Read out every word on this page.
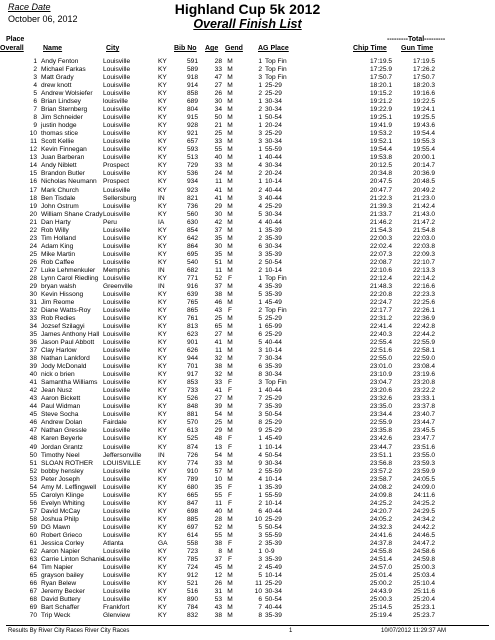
Race Date
October 06, 2012
Highland Cup 5k 2012
Overall Finish List
---------Total---------
Place
Overall	Name	City	Bib No Age Gend AG Place	Chip Time Gun Time
1 Andy Fenton	Louisville	KY	591	28 M	1 Top Fin	17:19.5	17:19.5
2 Michael Farkas	Louisville	KY	589	33 M	2 Top Fin	17:25.9	17:26.2
3 Matt Grady	Louisville	KY	918	47 M	3 Top Fin	17:50.7	17:50.7
4 drew knott	Louisville	KY	914	27 M	1 25-29	18:20.1	18:20.3
5 Andrew Wolsiefer Louisville	KY	858	26 M	2 25-29	19:15.2	19:16.6
6 Brian Lindsey	louisville	KY	689	30 M	1 30-34	19:21.2	19:22.5
7 Brian Sternberg Louisville	KY	804	34 M	2 30-34	19:22.9	19:24.1
8 Jim Schneider	Louisville	KY	915	50 M	1 50-54	19:25.1	19:25.5
9 justin hodge	Louisville	KY	928	21 M	1 20-24	19:41.9	19:43.6
10 thomas stice	Louisville	KY	921	25 M	3 25-29	19:53.2	19:54.4
11 Scott Kellie	Louisville	KY	657	33 M	3 30-34	19:52.1	19:55.3
12 Kevin Finnegan Louisville	KY	593	55 M	1 55-59	19:54.4	19:55.4
13 Juan Barberan	Louisville	KY	513	40 M	1 40-44	19:53.8	20:00.1
14 Andy Niblett	Prospect	KY	729	33 M	4 30-34	20:12.5	20:14.7
15 Brandon Butler	Louisville	KY	536	24 M	2 20-24	20:34.8	20:36.9
16 Nicholas Neumann Prospect	KY	934	11 M	1 10-14	20:47.5	20:48.5
17 Mark Church	Louisville	KY	923	41 M	2 40-44	20:47.7	20:49.2
18 Ben Tisdale	Sellersburg	IN	821	41 M	3 40-44	21:22.3	21:23.0
19 John Ostrum	Louisville	KY	736	29 M	4 25-29	21:39.3	21:42.4
20 William Shane Crady Louisville	KY	560	30 M	5 30-34	21:33.7	21:43.0
21 Dan Harty	Peru	IA	630	42 M	4 40-44	21:46.2	21:47.2
22 Rob Willy	Louisville	KY	854	37 M	1 35-39	21:54.3	21:54.8
23 Tim Holland	Louisville	KY	642	35 M	2 35-39	22:00.3	22:03.0
24 Adam King	Louisville	KY	864	30 M	6 30-34	22:02.4	22:03.8
25 Mike Martin	Louisville	KY	695	35 M	3 35-39	22:07.3	22:09.3
26 Rob Caffee	Louisville	KY	540	51 M	2 50-54	22:08.7	22:10.7
27 Luke Lehmenkuler Memphis	IN	682	11 M	2 10-14	22:10.6	22:13.3
28 Lynn Carol Riedling Louisville	KY	771	52 F	1 Top Fin	22:12.4	22:14.2
29 bryan walsh	Greenville	IN	916	37 M	4 35-39	21:48.3	22:16.6
30 Kevin Hissong	Louisville	KY	639	38 M	5 35-39	22:20.8	22:23.3
31 Jim Reome	Louisville	KY	765	46 M	1 45-49	22:24.7	22:25.6
32 Diane Watts-Roy Louisville	KY	865	43 F	2 Top Fin	22:17.7	22:26.1
33 Rob Redies	Louisville	KY	761	25 M	5 25-29	22:31.2	22:36.9
34 Jozsef Szilagyi	Louisville	KY	813	65 M	1 65-99	22:41.4	22:42.8
35 James Anthony Hall Louisville	KY	623	27 M	6 25-29	22:40.3	22:44.2
36 Jason Paul Abbott Louisville	KY	901	41 M	5 40-44	22:55.4	22:55.9
37 Clay Harlow	Louisville	KY	626	11 M	3 10-14	22:51.6	22:58.1
38 Nathan Lankford Louisville	KY	944	32 M	7 30-34	22:55.0	22:59.0
39 Jody McDonald	Louisville	KY	701	38 M	6 35-39	23:01.0	23:08.4
40 nick o brien	Louisville	KY	917	32 M	8 30-34	23:10.9	23:19.6
41 Samantha Williams Louisville	KY	853	33 F	3 Top Fin	23:04.7	23:20.8
42 Jean Nusz	Louisville	KY	733	41 F	1 40-44	23:20.6	23:22.2
43 Aaron Bickett	Louisville	KY	526	27 M	7 25-29	23:32.6	23:33.1
44 Paul Widman	Louisville	KY	848	39 M	7 35-39	23:35.0	23:37.8
45 Steve Socha	Louisville	KY	881	54 M	3 50-54	23:34.4	23:40.7
46 Andrew Dolan	Fairdale	KY	570	25 M	8 25-29	22:55.9	23:44.7
47 Nathan Gressle Louisville	KY	613	29 M	9 25-29	23:35.8	23:45.5
48 Karen Beyerle	Louisville	KY	525	48 F	1 45-49	23:42.6	23:47.7
49 Jordan Grantz	Louisville	KY	874	13 F	1 10-14	23:44.7	23:51.6
50 Timothy Neel	Jeffersonville	IN	726	54 M	4 50-54	23:51.1	23:55.0
51 SLOAN ROTHER LOUISVILLE	KY	774	33 M	9 30-34	23:56.8	23:59.3
52 bobby hensley	Louisville	KY	910	57 M	2 55-59	23:57.2	23:59.9
53 Peter Joseph	Louisville	KY	789	10 M	4 10-14	23:58.7	24:05.5
54 Amy M. Leffingwell Louisville	KY	680	35 F	1 35-39	24:08.2	24:09.0
55 Carolyn Klinge	Louisville	KY	665	55 F	1 55-59	24:09.8	24:11.6
56 Evelyn Whiting	Louisville	KY	847	11 F	2 10-14	24:25.2	24:25.2
57 David McCay	Louisville	KY	698	40 M	6 40-44	24:20.7	24:29.5
58 Joshua Philp	Louisville	KY	885	28 M	10 25-29	24:05.2	24:34.2
59 DG Mawn	Louisville	KY	697	52 M	5 50-54	24:32.3	24:42.2
60 Robert Grieco	Louisville	KY	614	55 M	3 55-59	24:41.6	24:46.5
61 Jessica Corley	Atlanta	GA	558	38 F	2 35-39	24:37.8	24:47.2
62 Aaron Napier	Louisville	KY	723	8 M	1 0-9	24:55.8	24:58.6
63 Carrie Linton Schanie
Louisville	KY	785	37 F	3 35-39	24:51.4	24:59.8
64 Tim Napier	Louisville	KY	724	45 M	2 45-49	24:57.0	25:00.3
65 grayson bailey	Louisville	KY	912	12 M	5 10-14	25:01.4	25:03.4
66 Ryan Belew	Louisville	KY	521	26 M	11 25-29	25:00.2	25:10.4
67 Jeremy Becker	Louisville	KY	516	31 M	10 30-34	24:43.9	25:11.6
68 David Buttery	Louisville	KY	890	53 M	6 50-54	25:00.3	25:20.4
69 Bart Schaffer	Frankfort	KY	784	43 M	7 40-44	25:14.5	25:23.1
70 Trip Weck	Glenview	KY	832	38 M	8 35-39	25:19.4	25:23.7
Results By River City Races River City Races	1	10/07/2012 11:29:37 AM
